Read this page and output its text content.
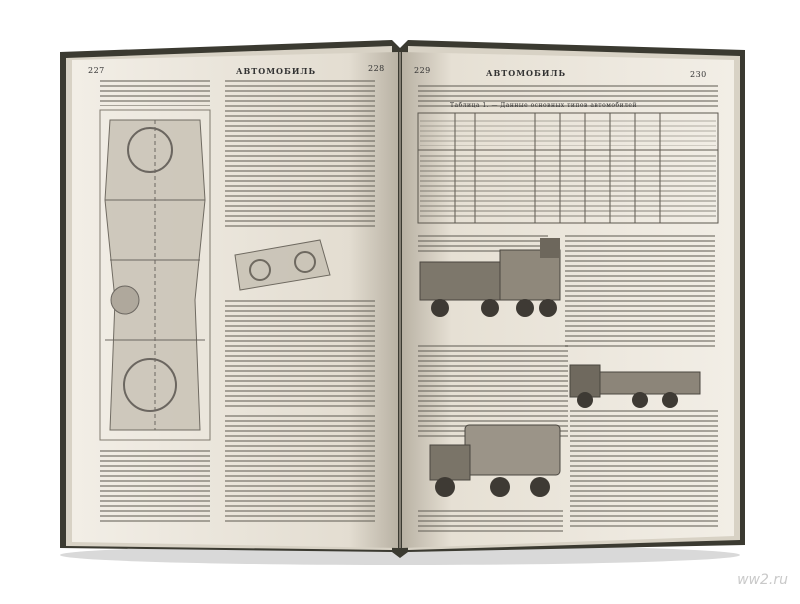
227	АВТОМОБИЛЬ	228	229	АВТОМОБИЛЬ	230
Таблица 1. — Данные основных типов автомобилей
ww2.ru
